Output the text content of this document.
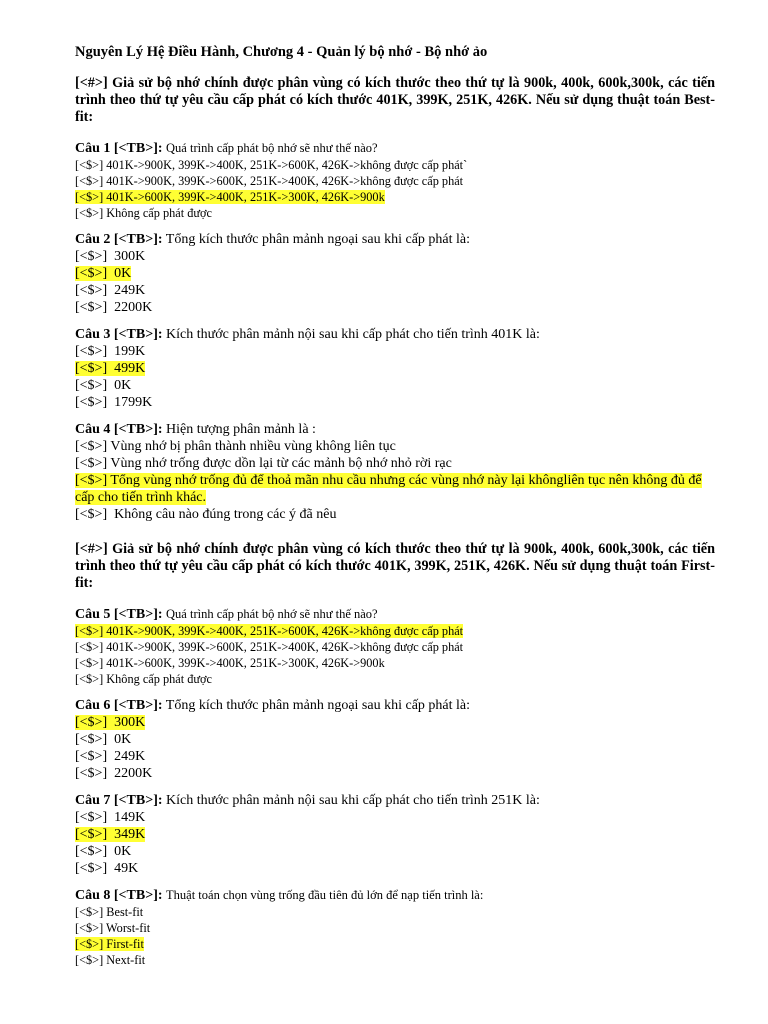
Nguyên Lý Hệ Điều Hành, Chương 4 - Quản lý bộ nhớ - Bộ nhớ ảo
[<#>] Giả sử bộ nhớ chính được phân vùng có kích thước theo thứ tự là 900k, 400k, 600k,300k, các tiến trình theo thứ tự yêu cầu cấp phát có kích thước 401K, 399K, 251K, 426K. Nếu sử dụng thuật toán Best-fit:
Câu 1 [<TB>]: Quá trình cấp phát bộ nhớ sẽ như thế nào?
[<$>] 401K->900K, 399K->400K, 251K->600K, 426K->không được cấp phát`
[<$>] 401K->900K, 399K->600K, 251K->400K, 426K->không được cấp phát
[<$>] 401K->600K, 399K->400K, 251K->300K, 426K->900k
[<$>] Không cấp phát được
Câu 2 [<TB>]: Tổng kích thước phân mảnh ngoại sau khi cấp phát là:
[<$>]  300K
[<$>]  0K
[<$>]  249K
[<$>]  2200K
Câu 3 [<TB>]: Kích thước phân mảnh nội sau khi cấp phát cho tiến trình 401K là:
[<$>]  199K
[<$>]  499K
[<$>]  0K
[<$>]  1799K
Câu 4 [<TB>]: Hiện tượng phân mảnh là :
[<$>] Vùng nhớ bị phân thành nhiều vùng không liên tục
[<$>] Vùng nhớ trống được dồn lại từ các mảnh bộ nhớ nhỏ rời rạc
[<$>] Tổng vùng nhớ trống đủ để thoả mãn nhu cầu nhưng các vùng nhớ này lại khôngliên tục nên không đủ để cấp cho tiến trình khác.
[<$>]  Không câu nào đúng trong các ý đã nêu
[<#>] Giả sử bộ nhớ chính được phân vùng có kích thước theo thứ tự là 900k, 400k, 600k,300k, các tiến trình theo thứ tự yêu cầu cấp phát có kích thước 401K, 399K, 251K, 426K. Nếu sử dụng thuật toán First-fit:
Câu 5 [<TB>]: Quá trình cấp phát bộ nhớ sẽ như thế nào?
[<$>] 401K->900K, 399K->400K, 251K->600K, 426K->không được cấp phát
[<$>] 401K->900K, 399K->600K, 251K->400K, 426K->không được cấp phát
[<$>] 401K->600K, 399K->400K, 251K->300K, 426K->900k
[<$>] Không cấp phát được
Câu 6 [<TB>]: Tổng kích thước phân mảnh ngoại sau khi cấp phát là:
[<$>]  300K
[<$>]  0K
[<$>]  249K
[<$>]  2200K
Câu 7 [<TB>]: Kích thước phân mảnh nội sau khi cấp phát cho tiến trình 251K là:
[<$>]  149K
[<$>]  349K
[<$>]  0K
[<$>]  49K
Câu 8 [<TB>]: Thuật toán chọn vùng trống đầu tiên đủ lớn để nạp tiến trình là:
[<$>] Best-fit
[<$>] Worst-fit
[<$>] First-fit
[<$>] Next-fit
